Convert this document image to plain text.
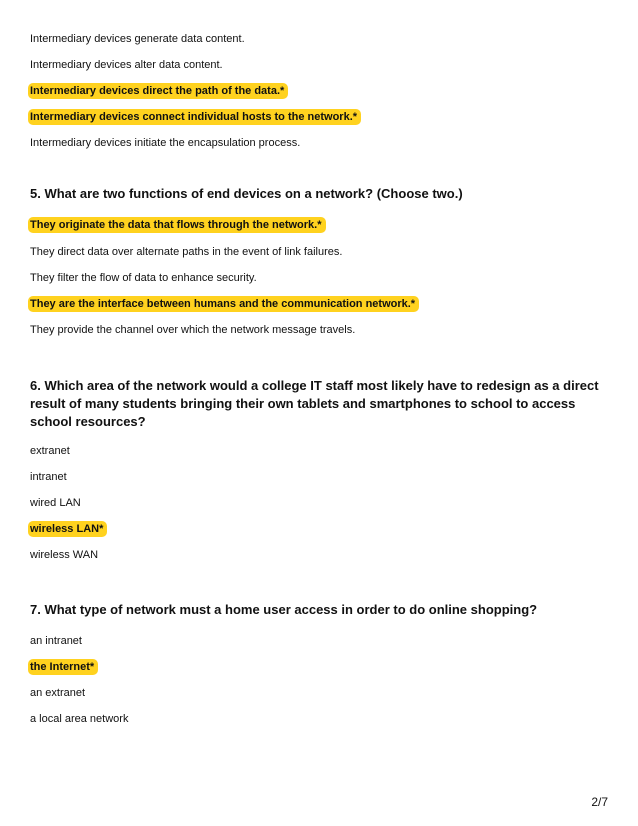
Intermediary devices generate data content.
Intermediary devices alter data content.
Intermediary devices direct the path of the data.*
Intermediary devices connect individual hosts to the network.*
Intermediary devices initiate the encapsulation process.
5. What are two functions of end devices on a network? (Choose two.)
They originate the data that flows through the network.*
They direct data over alternate paths in the event of link failures.
They filter the flow of data to enhance security.
They are the interface between humans and the communication network.*
They provide the channel over which the network message travels.
6. Which area of the network would a college IT staff most likely have to redesign as a direct result of many students bringing their own tablets and smartphones to school to access school resources?
extranet
intranet
wired LAN
wireless LAN*
wireless WAN
7. What type of network must a home user access in order to do online shopping?
an intranet
the Internet*
an extranet
a local area network
2/7
